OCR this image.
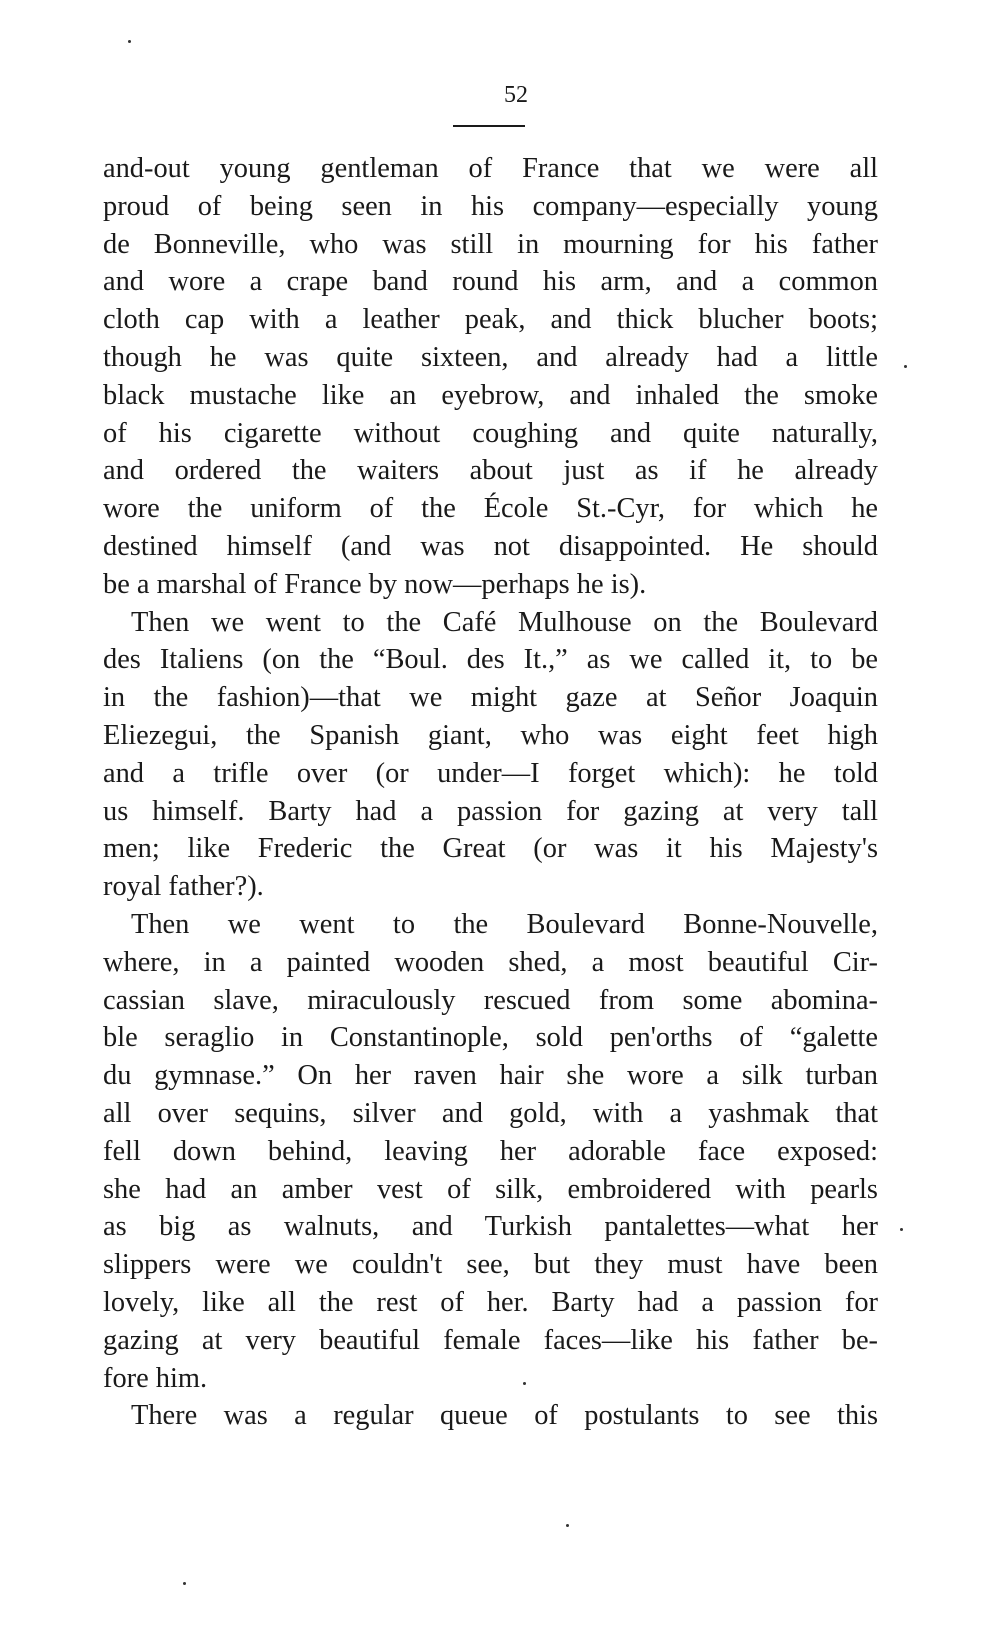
52
and-out young gentleman of France that we were all
proud of being seen in his company—especially young
de Bonneville, who was still in mourning for his father
and wore a crape band round his arm, and a common
cloth cap with a leather peak, and thick blucher boots;
though he was quite sixteen, and already had a little
black mustache like an eyebrow, and inhaled the smoke
of his cigarette without coughing and quite naturally,
and ordered the waiters about just as if he already
wore the uniform of the École St.-Cyr, for which he
destined himself (and was not disappointed. He should
be a marshal of France by now—perhaps he is).
Then we went to the Café Mulhouse on the Boulevard
des Italiens (on the “Boul. des It.,” as we called it, to be
in the fashion)—that we might gaze at Señor Joaquin
Eliezegui, the Spanish giant, who was eight feet high
and a trifle over (or under—I forget which): he told
us himself. Barty had a passion for gazing at very tall
men; like Frederic the Great (or was it his Majesty's
royal father?).
Then we went to the Boulevard Bonne-Nouvelle,
where, in a painted wooden shed, a most beautiful Cir-
cassian slave, miraculously rescued from some abomina-
ble seraglio in Constantinople, sold pen'orths of “galette
du gymnase.” On her raven hair she wore a silk turban
all over sequins, silver and gold, with a yashmak that
fell down behind, leaving her adorable face exposed:
she had an amber vest of silk, embroidered with pearls
as big as walnuts, and Turkish pantalettes—what her
slippers were we couldn't see, but they must have been
lovely, like all the rest of her. Barty had a passion for
gazing at very beautiful female faces—like his father be-
fore him.
There was a regular queue of postulants to see this
